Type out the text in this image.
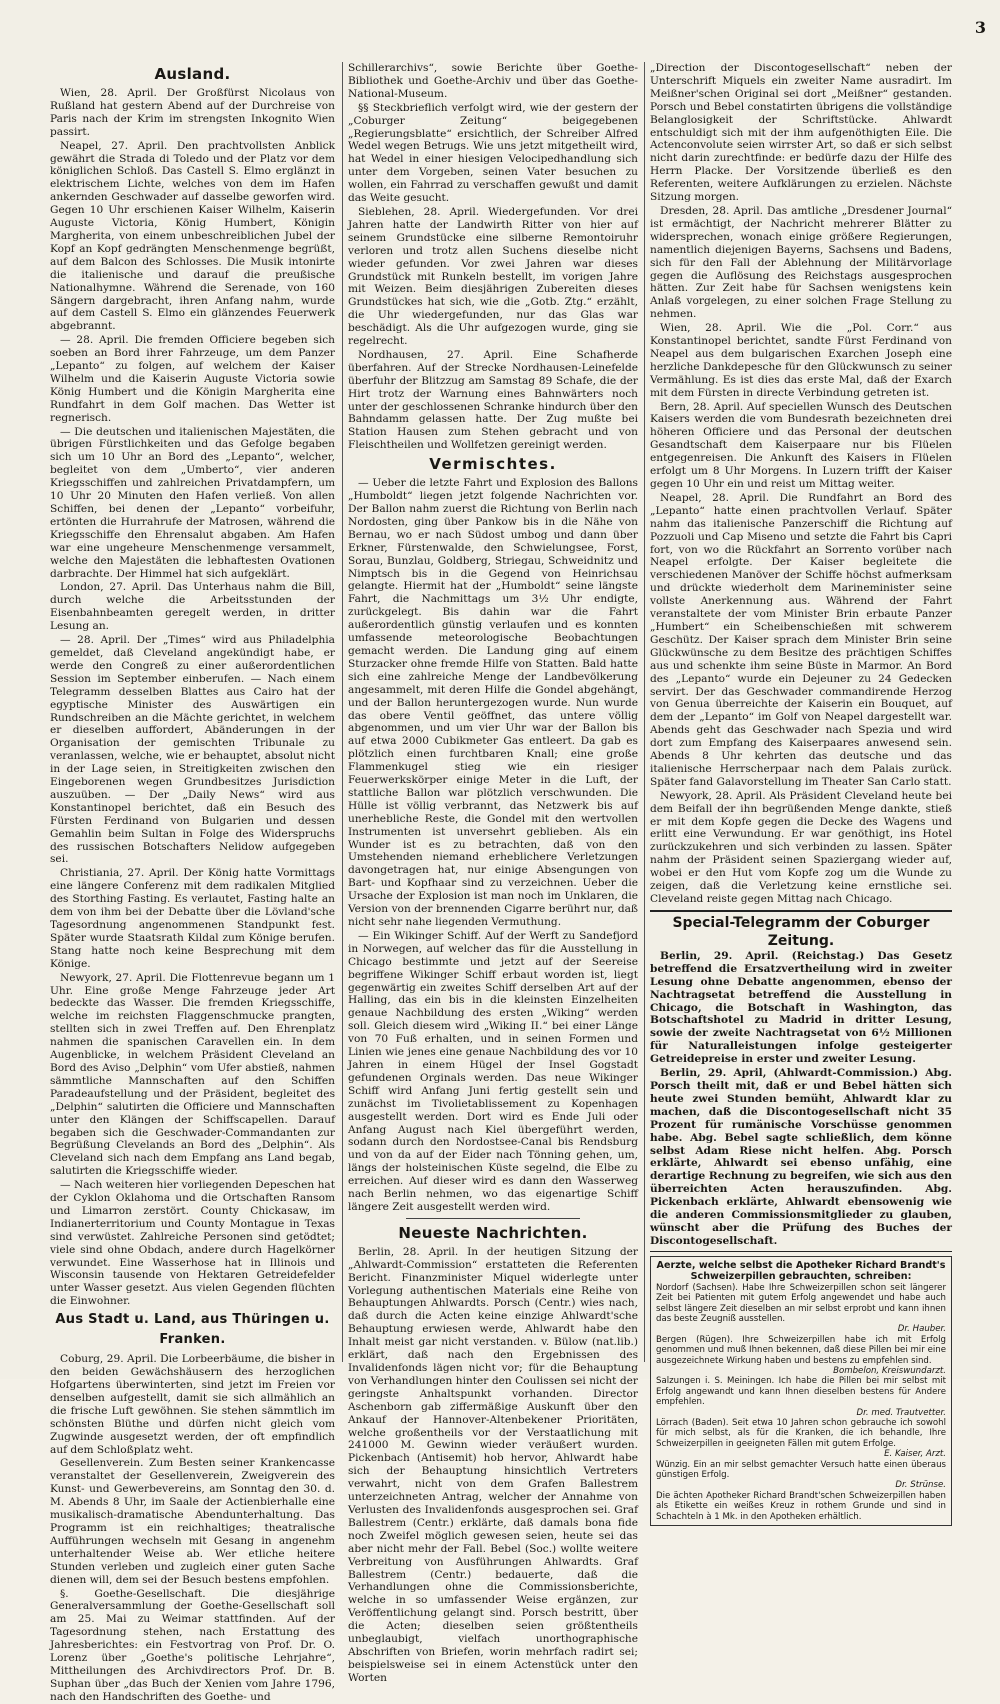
3
Ausland.

Wien, 28. April. Der Großfürst Nicolaus von Rußland hat gestern Abend auf der Durchreise von Paris nach der Krim im strengsten Inkognito Wien passirt.

Neapel, 27. April. Den prachtvollsten Anblick gewährt die Strada di Toledo und der Platz vor dem königlichen Schloß. Das Castell S. Elmo erglänzt in elektrischem Lichte, welches von dem im Hafen ankernden Geschwader auf dasselbe geworfen wird. Gegen 10 Uhr erschienen Kaiser Wilhelm, Kaiserin Auguste Victoria, König Humbert, Königin Margherita, von einem unbeschreiblichen Jubel der Kopf an Kopf gedrängten Menschenmenge begrüßt, auf dem Balcon des Schlosses. Die Musik intonirte die italienische und darauf die preußische Nationalhymne. Während die Serenade, von 160 Sängern dargebracht, ihren Anfang nahm, wurde auf dem Castell S. Elmo ein glänzendes Feuerwerk abgebrannt.

— 28. April. Die fremden Officiere begeben sich soeben an Bord ihrer Fahrzeuge, um dem Panzer „Lepanto“ zu folgen, auf welchem der Kaiser Wilhelm und die Kaiserin Auguste Victoria sowie König Humbert und die Königin Margherita eine Rundfahrt in dem Golf machen. Das Wetter ist regnerisch.

— Die deutschen und italienischen Majestäten, die übrigen Fürstlichkeiten und das Gefolge begaben sich um 10 Uhr an Bord des „Lepanto“, welcher, begleitet von dem „Umberto“, vier anderen Kriegsschiffen und zahlreichen Privatdampfern, um 10 Uhr 20 Minuten den Hafen verließ. Von allen Schiffen, bei denen der „Lepanto“ vorbeifuhr, ertönten die Hurrahrufe der Matrosen, während die Kriegsschiffe den Ehrensalut abgaben. Am Hafen war eine ungeheure Menschenmenge versammelt, welche den Majestäten die lebhaftesten Ovationen darbrachte. Der Himmel hat sich aufgeklärt.

London, 27. April. Das Unterhaus nahm die Bill, durch welche die Arbeitsstunden der Eisenbahnbeamten geregelt werden, in dritter Lesung an.

— 28. April. Der „Times“ wird aus Philadelphia gemeldet, daß Cleveland angekündigt habe, er werde den Congreß zu einer außerordentlichen Session im September einberufen. — Nach einem Telegramm desselben Blattes aus Cairo hat der egyptische Minister des Auswärtigen ein Rundschreiben an die Mächte gerichtet, in welchem er dieselben auffordert, Abänderungen in der Organisation der gemischten Tribunale zu veranlassen, welche, wie er behauptet, absolut nicht in der Lage seien, in Streitigkeiten zwischen den Eingeborenen wegen Grundbesitzes Jurisdiction auszuüben. — Der „Daily News“ wird aus Konstantinopel berichtet, daß ein Besuch des Fürsten Ferdinand von Bulgarien und dessen Gemahlin beim Sultan in Folge des Widerspruchs des russischen Botschafters Nelidow aufgegeben sei.

Christiania, 27. April. Der König hatte Vormittags eine längere Conferenz mit dem radikalen Mitglied des Storthing Fasting. Es verlautet, Fasting halte an dem von ihm bei der Debatte über die Lövland'sche Tagesordnung angenommenen Standpunkt fest. Später wurde Staatsrath Kildal zum Könige berufen. Stang hatte noch keine Besprechung mit dem Könige.

Newyork, 27. April. Die Flottenrevue begann um 1 Uhr. Eine große Menge Fahrzeuge jeder Art bedeckte das Wasser. Die fremden Kriegsschiffe, welche im reichsten Flaggenschmucke prangten, stellten sich in zwei Treffen auf. Den Ehrenplatz nahmen die spanischen Caravellen ein. In dem Augenblicke, in welchem Präsident Cleveland an Bord des Aviso „Delphin“ vom Ufer abstieß, nahmen sämmtliche Mannschaften auf den Schiffen Paradeaufstellung und der Präsident, begleitet des „Delphin“ salutirten die Officiere und Mannschaften unter den Klängen der Schiffscapellen. Darauf begaben sich die Geschwader-Commandanten zur Begrüßung Clevelands an Bord des „Delphin“. Als Cleveland sich nach dem Empfang ans Land begab, salutirten die Kriegsschiffe wieder.

— Nach weiteren hier vorliegenden Depeschen hat der Cyklon Oklahoma und die Ortschaften Ransom und Limarron zerstört. County Chickasaw, im Indianerterritorium und County Montague in Texas sind verwüstet. Zahlreiche Personen sind getödtet; viele sind ohne Obdach, andere durch Hagelkörner verwundet. Eine Wasserhose hat in Illinois und Wisconsin tausende von Hektaren Getreidefelder unter Wasser gesetzt. Aus vielen Gegenden flüchten die Einwohner.

Aus Stadt u. Land, aus Thüringen u. Franken.

Coburg, 29. April. Die Lorbeerbäume, die bisher in den beiden Gewächshäusern des herzoglichen Hofgartens überwinterten, sind jetzt im Freien vor denselben aufgestellt, damit sie sich allmählich an die frische Luft gewöhnen. Sie stehen sämmtlich im schönsten Blüthe und dürfen nicht gleich vom Zugwinde ausgesetzt werden, der oft empfindlich auf dem Schloßplatz weht.

Gesellenverein. Zum Besten seiner Krankencasse veranstaltet der Gesellenverein, Zweigverein des Kunst- und Gewerbevereins, am Sonntag den 30. d. M. Abends 8 Uhr, im Saale der Actienbierhalle eine musikalisch-dramatische Abendunterhaltung. Das Programm ist ein reichhaltiges; theatralische Aufführungen wechseln mit Gesang in angenehm unterhaltender Weise ab. Wer etliche heitere Stunden verleben und zugleich einer guten Sache dienen will, dem sei der Besuch bestens empfohlen.

§. Goethe-Gesellschaft. Die diesjährige Generalversammlung der Goethe-Gesellschaft soll am 25. Mai zu Weimar stattfinden. Auf der Tagesordnung stehen, nach Erstattung des Jahresberichtes: ein Festvortrag von Prof. Dr. O. Lorenz über „Goethe's politische Lehrjahre“, Mittheilungen des Archivdirectors Prof. Dr. B. Suphan über „das Buch der Xenien vom Jahre 1796, nach den Handschriften des Goethe- und

Schillerarchivs“, sowie Berichte über Goethe-Bibliothek und Goethe-Archiv und über das Goethe-National-Museum.

§§ Steckbrieflich verfolgt wird, wie der gestern der „Coburger Zeitung“ beigegebenen „Regierungsblatte“ ersichtlich, der Schreiber Alfred Wedel wegen Betrugs. Wie uns jetzt mitgetheilt wird, hat Wedel in einer hiesigen Velocipedhandlung sich unter dem Vorgeben, seinen Vater besuchen zu wollen, ein Fahrrad zu verschaffen gewußt und damit das Weite gesucht.

Sieblehen, 28. April. Wiedergefunden. Vor drei Jahren hatte der Landwirth Ritter von hier auf seinem Grundstücke eine silberne Remontoiruhr verloren und trotz allen Suchens dieselbe nicht wieder gefunden. Vor zwei Jahren war dieses Grundstück mit Runkeln bestellt, im vorigen Jahre mit Weizen. Beim diesjährigen Zubereiten dieses Grundstückes hat sich, wie die „Gotb. Ztg.“ erzählt, die Uhr wiedergefunden, nur das Glas war beschädigt. Als die Uhr aufgezogen wurde, ging sie regelrecht.

Nordhausen, 27. April. Eine Schafherde überfahren. Auf der Strecke Nordhausen-Leinefelde überfuhr der Blitzzug am Samstag 89 Schafe, die der Hirt trotz der Warnung eines Bahnwärters noch unter der geschlossenen Schranke hindurch über den Bahndamm gelassen hatte. Der Zug mußte bei Station Hausen zum Stehen gebracht und von Fleischtheilen und Wollfetzen gereinigt werden.

Vermischtes.

— Ueber die letzte Fahrt und Explosion des Ballons „Humboldt“ liegen jetzt folgende Nachrichten vor. Der Ballon nahm zuerst die Richtung von Berlin nach Nordosten, ging über Pankow bis in die Nähe von Bernau, wo er nach Südost umbog und dann über Erkner, Fürstenwalde, den Schwielungsee, Forst, Sorau, Bunzlau, Goldberg, Striegau, Schweidnitz und Nimptsch bis in die Gegend von Heinrichsau gelangte. Hiermit hat der „Humboldt“ seine längste Fahrt, die Nachmittags um 3½ Uhr endigte, zurückgelegt. Bis dahin war die Fahrt außerordentlich günstig verlaufen und es konnten umfassende meteorologische Beobachtungen gemacht werden. Die Landung ging auf einem Sturzacker ohne fremde Hilfe von Statten. Bald hatte sich eine zahlreiche Menge der Landbevölkerung angesammelt, mit deren Hilfe die Gondel abgehängt, und der Ballon heruntergezogen wurde. Nun wurde das obere Ventil geöffnet, das untere völlig abgenommen, und um vier Uhr war der Ballon bis auf etwa 2000 Cubikmeter Gas entleert. Da gab es plötzlich einen furchtbaren Knall; eine große Flammenkugel stieg wie ein riesiger Feuerwerkskörper einige Meter in die Luft, der stattliche Ballon war plötzlich verschwunden. Die Hülle ist völlig verbrannt, das Netzwerk bis auf unerhebliche Reste, die Gondel mit den wertvollen Instrumenten ist unversehrt geblieben. Als ein Wunder ist es zu betrachten, daß von den Umstehenden niemand erheblichere Verletzungen davongetragen hat, nur einige Absengungen von Bart- und Kopfhaar sind zu verzeichnen. Ueber die Ursache der Explosion ist man noch im Unklaren, die Version von der brennenden Cigarre berührt nur, daß nicht sehr nahe liegenden Vermuthung.

— Ein Wikinger Schiff. Auf der Werft zu Sandefjord in Norwegen, auf welcher das für die Ausstellung in Chicago bestimmte und jetzt auf der Seereise begriffene Wikinger Schiff erbaut worden ist, liegt gegenwärtig ein zweites Schiff derselben Art auf der Halling, das ein bis in die kleinsten Einzelheiten genaue Nachbildung des ersten „Wiking“ werden soll. Gleich diesem wird „Wiking II.“ bei einer Länge von 70 Fuß erhalten, und in seinen Formen und Linien wie jenes eine genaue Nachbildung des vor 10 Jahren in einem Hügel der Insel Gogstadt gefundenen Orginals werden. Das neue Wikinger Schiff wird Anfang Juni fertig gestellt sein und zunächst im Tivolietablissement zu Kopenhagen ausgestellt werden. Dort wird es Ende Juli oder Anfang August nach Kiel übergeführt werden, sodann durch den Nordostsee-Canal bis Rendsburg und von da auf der Eider nach Tönning gehen, um, längs der holsteinischen Küste segelnd, die Elbe zu erreichen. Auf dieser wird es dann den Wasserweg nach Berlin nehmen, wo das eigenartige Schiff längere Zeit ausgestellt werden wird.

Neueste Nachrichten.

Berlin, 28. April. In der heutigen Sitzung der „Ahlwardt-Commission“ erstatteten die Referenten Bericht. Finanzminister Miquel widerlegte unter Vorlegung authentischen Materials eine Reihe von Behauptungen Ahlwardts. Porsch (Centr.) wies nach, daß durch die Acten keine einzige Ahlwardt'sche Behauptung erwiesen werde, Ahlwardt habe den Inhalt meist gar nicht verstanden. v. Bülow (nat.lib.) erklärt, daß nach den Ergebnissen des Invalidenfonds lägen nicht vor; für die Behauptung von Verhandlungen hinter den Coulissen sei nicht der geringste Anhaltspunkt vorhanden. Director Aschenborn gab ziffermäßige Auskunft über den Ankauf der Hannover-Altenbekener Prioritäten, welche großentheils vor der Verstaatlichung mit 241000 M. Gewinn wieder veräußert wurden. Pickenbach (Antisemit) hob hervor, Ahlwardt habe sich der Behauptung hinsichtlich Vertreters verwahrt, nicht von dem Grafen Ballestrem unterzeichneten Antrag, welcher der Annahme von Verlusten des Invalidenfonds ausgesprochen sei. Graf Ballestrem (Centr.) erklärte, daß damals bona fide noch Zweifel möglich gewesen seien, heute sei das aber nicht mehr der Fall. Bebel (Soc.) wollte weitere Verbreitung von Ausführungen Ahlwardts. Graf Ballestrem (Centr.) bedauerte, daß die Verhandlungen ohne die Commissionsberichte, welche in so umfassender Weise ergänzen, zur Veröffentlichung gelangt sind. Porsch bestritt, über die Acten; dieselben seien größtentheils unbeglaubigt, vielfach unorthographische Abschriften von Briefen, worin mehrfach radirt sei; beispielsweise sei in einem Actenstück unter den Worten

„Direction der Discontogesellschaft“ neben der Unterschrift Miquels ein zweiter Name ausradirt. Im Meißner'schen Original sei dort „Meißner“ gestanden. Porsch und Bebel constatirten übrigens die vollständige Belanglosigkeit der Schriftstücke. Ahlwardt entschuldigt sich mit der ihm aufgenöthigten Eile. Die Actenconvolute seien wirrster Art, so daß er sich selbst nicht darin zurechtfinde: er bedürfe dazu der Hilfe des Herrn Placke. Der Vorsitzende überließ es den Referenten, weitere Aufklärungen zu erzielen. Nächste Sitzung morgen.

Dresden, 28. April. Das amtliche „Dresdener Journal“ ist ermächtigt, der Nachricht mehrerer Blätter zu widersprechen, wonach einige größere Regierungen, namentlich diejenigen Bayerns, Sachsens und Badens, sich für den Fall der Ablehnung der Militärvorlage gegen die Auflösung des Reichstags ausgesprochen hätten. Zur Zeit habe für Sachsen wenigstens kein Anlaß vorgelegen, zu einer solchen Frage Stellung zu nehmen.

Wien, 28. April. Wie die „Pol. Corr.“ aus Konstantinopel berichtet, sandte Fürst Ferdinand von Neapel aus dem bulgarischen Exarchen Joseph eine herzliche Dankdepesche für den Glückwunsch zu seiner Vermählung. Es ist dies das erste Mal, daß der Exarch mit dem Fürsten in directe Verbindung getreten ist.

Bern, 28. April. Auf speciellen Wunsch des Deutschen Kaisers werden die vom Bundesrath bezeichneten drei höheren Officiere und das Personal der deutschen Gesandtschaft dem Kaiserpaare nur bis Flüelen entgegenreisen. Die Ankunft des Kaisers in Flüelen erfolgt um 8 Uhr Morgens. In Luzern trifft der Kaiser gegen 10 Uhr ein und reist um Mittag weiter.

Neapel, 28. April. Die Rundfahrt an Bord des „Lepanto“ hatte einen prachtvollen Verlauf. Später nahm das italienische Panzerschiff die Richtung auf Pozzuoli und Cap Miseno und setzte die Fahrt bis Capri fort, von wo die Rückfahrt an Sorrento vorüber nach Neapel erfolgte. Der Kaiser begleitete die verschiedenen Manöver der Schiffe höchst aufmerksam und drückte wiederholt dem Marineminister seine vollste Anerkennung aus. Während der Fahrt veranstaltete der vom Minister Brin erbaute Panzer „Humbert“ ein Scheibenschießen mit schwerem Geschütz. Der Kaiser sprach dem Minister Brin seine Glückwünsche zu dem Besitze des prächtigen Schiffes aus und schenkte ihm seine Büste in Marmor. An Bord des „Lepanto“ wurde ein Dejeuner zu 24 Gedecken servirt. Der das Geschwader commandirende Herzog von Genua überreichte der Kaiserin ein Bouquet, auf dem der „Lepanto“ im Golf von Neapel dargestellt war. Abends geht das Geschwader nach Spezia und wird dort zum Empfang des Kaiserpaares anwesend sein. Abends 8 Uhr kehrten das deutsche und das italienische Herrscherpaar nach dem Palais zurück. Später fand Galavorstellung im Theater San Carlo statt.

Newyork, 28. April. Als Präsident Cleveland heute bei dem Beifall der ihn begrüßenden Menge dankte, stieß er mit dem Kopfe gegen die Decke des Wagens und erlitt eine Verwundung. Er war genöthigt, ins Hotel zurückzukehren und sich verbinden zu lassen. Später nahm der Präsident seinen Spaziergang wieder auf, wobei er den Hut vom Kopfe zog um die Wunde zu zeigen, daß die Verletzung keine ernstliche sei. Cleveland reiste gegen Mittag nach Chicago.

Special-Telegramm der Coburger Zeitung.

Berlin, 29. April. (Reichstag.) Das Gesetz betreffend die Ersatzvertheilung wird in zweiter Lesung ohne Debatte angenommen, ebenso der Nachtragsetat betreffend die Ausstellung in Chicago, die Botschaft in Washington, das Botschaftshotel zu Madrid in dritter Lesung, sowie der zweite Nachtragsetat von 6½ Millionen für Naturalleistungen infolge gesteigerter Getreidepreise in erster und zweiter Lesung.

Berlin, 29. April, (Ahlwardt-Commission.) Abg. Porsch theilt mit, daß er und Bebel hätten sich heute zwei Stunden bemüht, Ahlwardt klar zu machen, daß die Discontogesellschaft nicht 35 Prozent für rumänische Vorschüsse genommen habe. Abg. Bebel sagte schließlich, dem könne selbst Adam Riese nicht helfen. Abg. Porsch erklärte, Ahlwardt sei ebenso unfähig, eine derartige Rechnung zu begreifen, wie sich aus den überreichten Acten herauszufinden. Abg. Pickenbach erklärte, Ahlwardt ebensowenig wie die anderen Commissionsmitglieder zu glauben, wünscht aber die Prüfung des Buches der Discontogesellschaft.

Aerzte, welche selbst die Apotheker Richard Brandt's Schweizerpillen gebrauchten, schreiben:
Nordorf (Sachsen). Habe Ihre Schweizerpillen schon seit längerer Zeit bei Patienten mit gutem Erfolg angewendet und habe auch selbst längere Zeit dieselben an mir selbst erprobt und kann ihnen das beste Zeugniß ausstellen.
Dr. Hauber.
Bergen (Rügen). Ihre Schweizerpillen habe ich mit Erfolg genommen und muß Ihnen bekennen, daß diese Pillen bei mir eine ausgezeichnete Wirkung haben und bestens zu empfehlen sind.
Bombelon, Kreiswundarzt.
Salzungen i. S. Meiningen. Ich habe die Pillen bei mir selbst mit Erfolg angewandt und kann Ihnen dieselben bestens für Andere empfehlen.
Dr. med. Trautvetter.
Lörrach (Baden). Seit etwa 10 Jahren schon gebrauche ich sowohl für mich selbst, als für die Kranken, die ich behandle, Ihre Schweizerpillen in geeigneten Fällen mit gutem Erfolge.
E. Kaiser, Arzt.
Wünzig. Ein an mir selbst gemachter Versuch hatte einen überaus günstigen Erfolg.
Dr. Strünse.
Die ächten Apotheker Richard Brandt'schen Schweizerpillen haben als Etikette ein weißes Kreuz in rothem Grunde und sind in Schachteln à 1 Mk. in den Apotheken erhältlich.
